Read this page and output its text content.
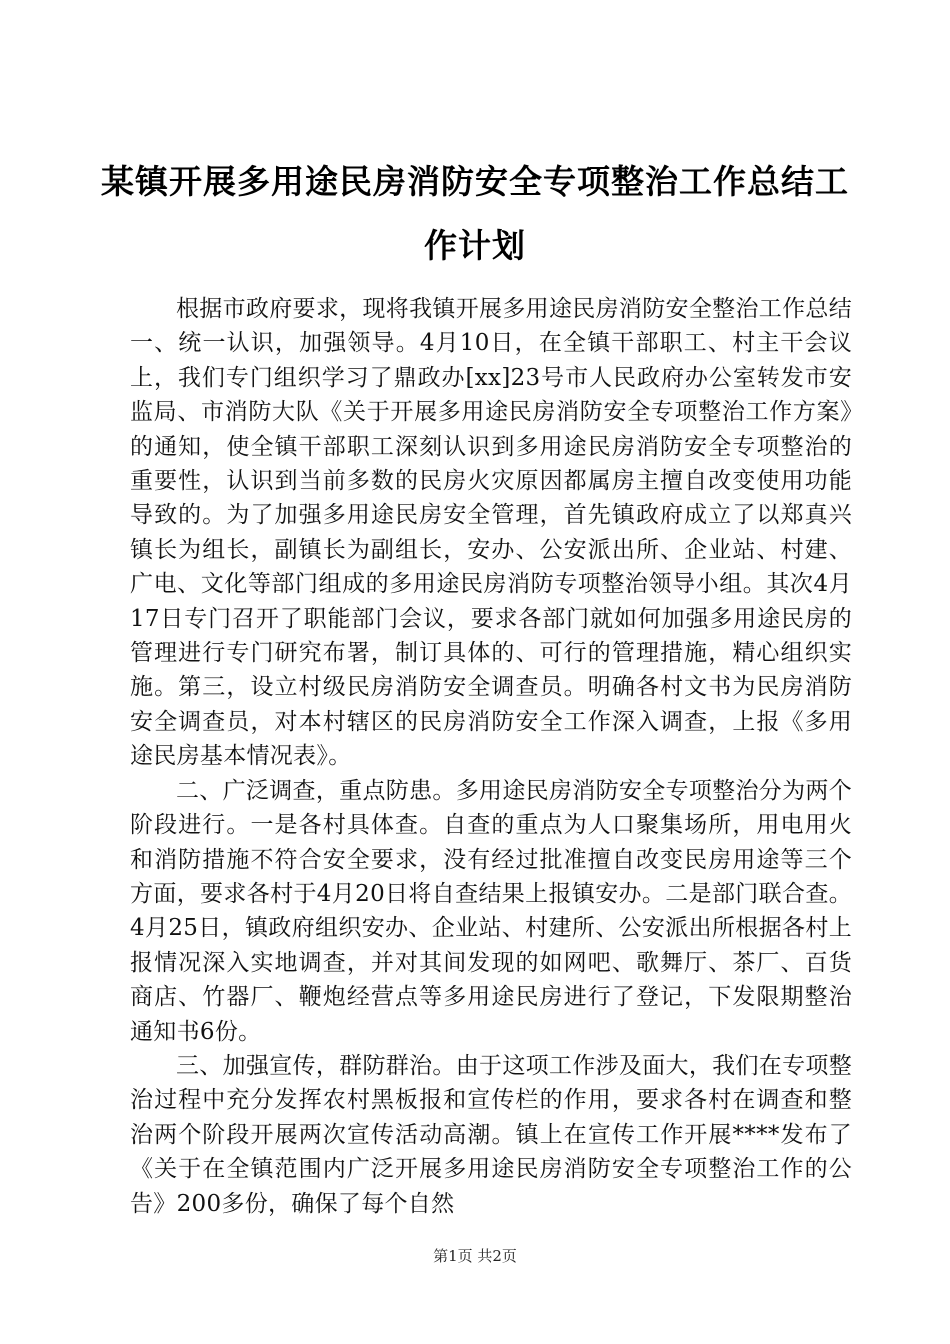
某镇开展多用途民房消防安全专项整治工作总结工作计划

根据市政府要求，现将我镇开展多用途民房消防安全整治工作总结一、统一认识，加强领导。4月10日，在全镇干部职工、村主干会议上，我们专门组织学习了鼎政办[xx]23号市人民政府办公室转发市安监局、市消防大队《关于开展多用途民房消防安全专项整治工作方案》的通知，使全镇干部职工深刻认识到多用途民房消防安全专项整治的重要性，认识到当前多数的民房火灾原因都属房主擅自改变使用功能导致的。为了加强多用途民房安全管理，首先镇政府成立了以郑真兴镇长为组长，副镇长为副组长，安办、公安派出所、企业站、村建、广电、文化等部门组成的多用途民房消防专项整治领导小组。其次4月17日专门召开了职能部门会议，要求各部门就如何加强多用途民房的管理进行专门研究布署，制订具体的、可行的管理措施，精心组织实施。第三，设立村级民房消防安全调查员。明确各村文书为民房消防安全调查员，对本村辖区的民房消防安全工作深入调查，上报《多用途民房基本情况表》。

二、广泛调查，重点防患。多用途民房消防安全专项整治分为两个阶段进行。一是各村具体查。自查的重点为人口聚集场所，用电用火和消防措施不符合安全要求，没有经过批准擅自改变民房用途等三个方面，要求各村于4月20日将自查结果上报镇安办。二是部门联合查。4月25日，镇政府组织安办、企业站、村建所、公安派出所根据各村上报情况深入实地调查，并对其间发现的如网吧、歌舞厅、茶厂、百货商店、竹器厂、鞭炮经营点等多用途民房进行了登记，下发限期整治通知书6份。

三、加强宣传，群防群治。由于这项工作涉及面大，我们在专项整治过程中充分发挥农村黑板报和宣传栏的作用，要求各村在调查和整治两个阶段开展两次宣传活动高潮。镇上在宣传工作开展****发布了《关于在全镇范围内广泛开展多用途民房消防安全专项整治工作的公告》200多份，确保了每个自然

第1页 共2页
